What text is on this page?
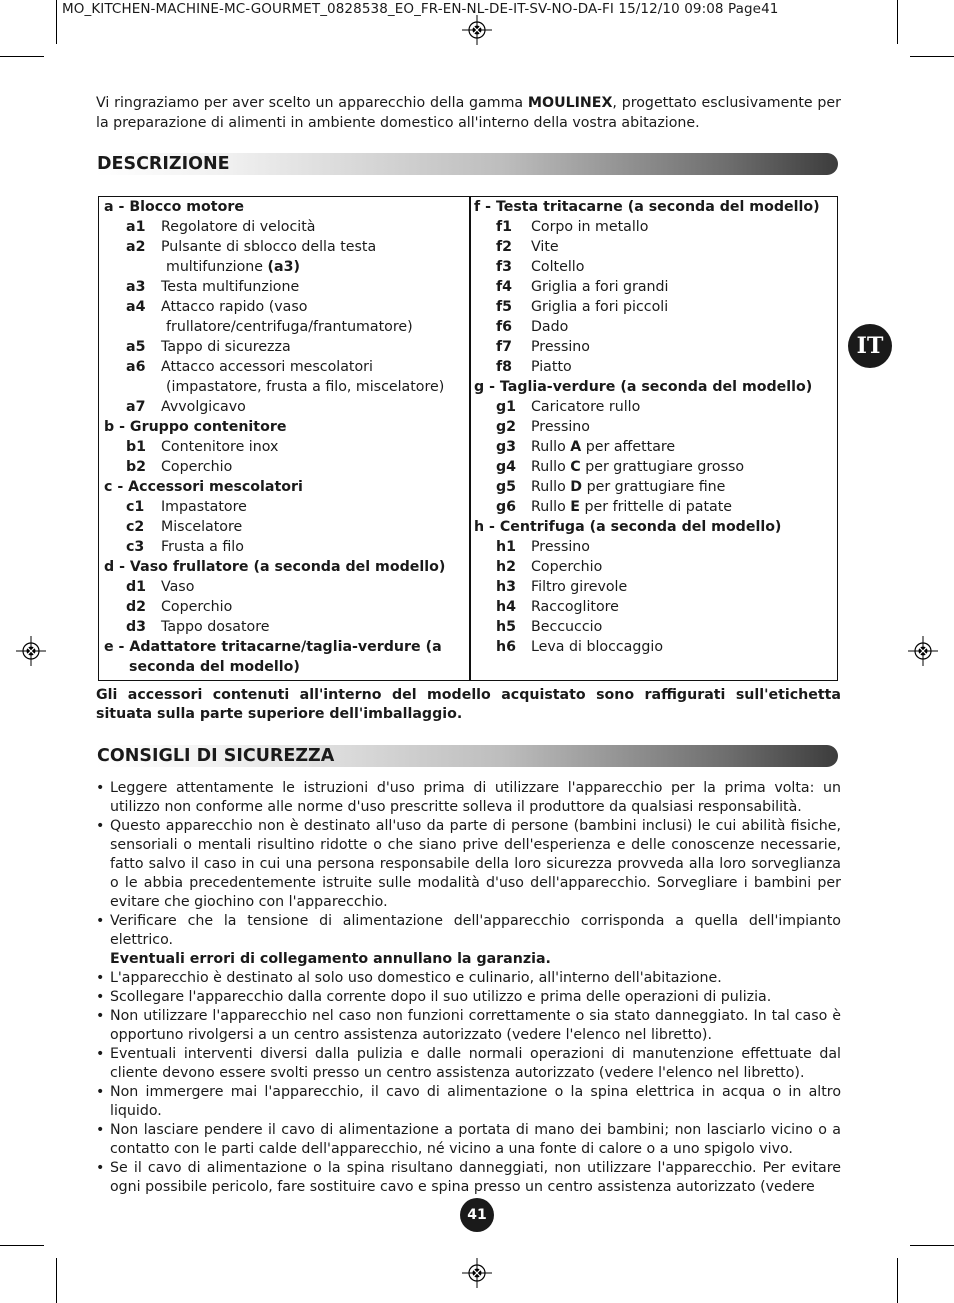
MO_KITCHEN-MACHINE-MC-GOURMET_0828538_EO_FR-EN-NL-DE-IT-SV-NO-DA-FI 15/12/10 09:08 Page41
Vi ringraziamo per aver scelto un apparecchio della gamma MOULINEX, progettato esclusivamente per la preparazione di alimenti in ambiente domestico all'interno della vostra abitazione.
DESCRIZIONE
a - Blocco motore
a1	Regolatore di velocità
a2	Pulsante di sblocco della testa
multifunzione (a3)
a3	Testa multifunzione
a4	Attacco rapido (vaso
frullatore/centrifuga/frantumatore)
a5	Tappo di sicurezza
a6	Attacco accessori mescolatori
(impastatore, frusta a filo, miscelatore)
a7	Avvolgicavo
b - Gruppo contenitore
b1	Contenitore inox
b2	Coperchio
c - Accessori mescolatori
c1	Impastatore
c2	Miscelatore
c3	Frusta a filo
d - Vaso frullatore (a seconda del modello)
d1	Vaso
d2	Coperchio
d3	Tappo dosatore
e - Adattatore tritacarne/taglia-verdure (a
seconda del modello)
f - Testa tritacarne (a seconda del modello)
f1	Corpo in metallo
f2	Vite
f3	Coltello
f4	Griglia a fori grandi
f5	Griglia a fori piccoli
f6	Dado
f7	Pressino
f8	Piatto
g - Taglia-verdure (a seconda del modello)
g1	Caricatore rullo
g2	Pressino
g3	Rullo A per affettare
g4	Rullo C per grattugiare grosso
g5	Rullo D per grattugiare fine
g6	Rullo E per frittelle di patate
h - Centrifuga (a seconda del modello)
h1	Pressino
h2	Coperchio
h3	Filtro girevole
h4	Raccoglitore
h5	Beccuccio
h6	Leva di bloccaggio
Gli accessori contenuti all'interno del modello acquistato sono raffigurati sull'etichetta situata sulla parte superiore dell'imballaggio.
CONSIGLI DI SICUREZZA
• Leggere attentamente le istruzioni d'uso prima di utilizzare l'apparecchio per la prima volta: un utilizzo non conforme alle norme d'uso prescritte solleva il produttore da qualsiasi responsabilità.
• Questo apparecchio non è destinato all'uso da parte di persone (bambini inclusi) le cui abilità fisiche, sensoriali o mentali risultino ridotte o che siano prive dell'esperienza e delle conoscenze necessarie, fatto salvo il caso in cui una persona responsabile della loro sicurezza provveda alla loro sorveglianza o le abbia precedentemente istruite sulle modalità d'uso dell'apparecchio. Sorvegliare i bambini per evitare che giochino con l'apparecchio.
• Verificare che la tensione di alimentazione dell'apparecchio corrisponda a quella dell'impianto elettrico.
Eventuali errori di collegamento annullano la garanzia.
• L'apparecchio è destinato al solo uso domestico e culinario, all'interno dell'abitazione.
• Scollegare l'apparecchio dalla corrente dopo il suo utilizzo e prima delle operazioni di pulizia.
• Non utilizzare l'apparecchio nel caso non funzioni correttamente o sia stato danneggiato. In tal caso è opportuno rivolgersi a un centro assistenza autorizzato (vedere l'elenco nel libretto).
• Eventuali interventi diversi dalla pulizia e dalle normali operazioni di manutenzione effettuate dal cliente devono essere svolti presso un centro assistenza autorizzato (vedere l'elenco nel libretto).
• Non immergere mai l'apparecchio, il cavo di alimentazione o la spina elettrica in acqua o in altro liquido.
• Non lasciare pendere il cavo di alimentazione a portata di mano dei bambini; non lasciarlo vicino o a contatto con le parti calde dell'apparecchio, né vicino a una fonte di calore o a uno spigolo vivo.
• Se il cavo di alimentazione o la spina risultano danneggiati, non utilizzare l'apparecchio. Per evitare ogni possibile pericolo, fare sostituire cavo e spina presso un centro assistenza autorizzato (vedere
IT
41
